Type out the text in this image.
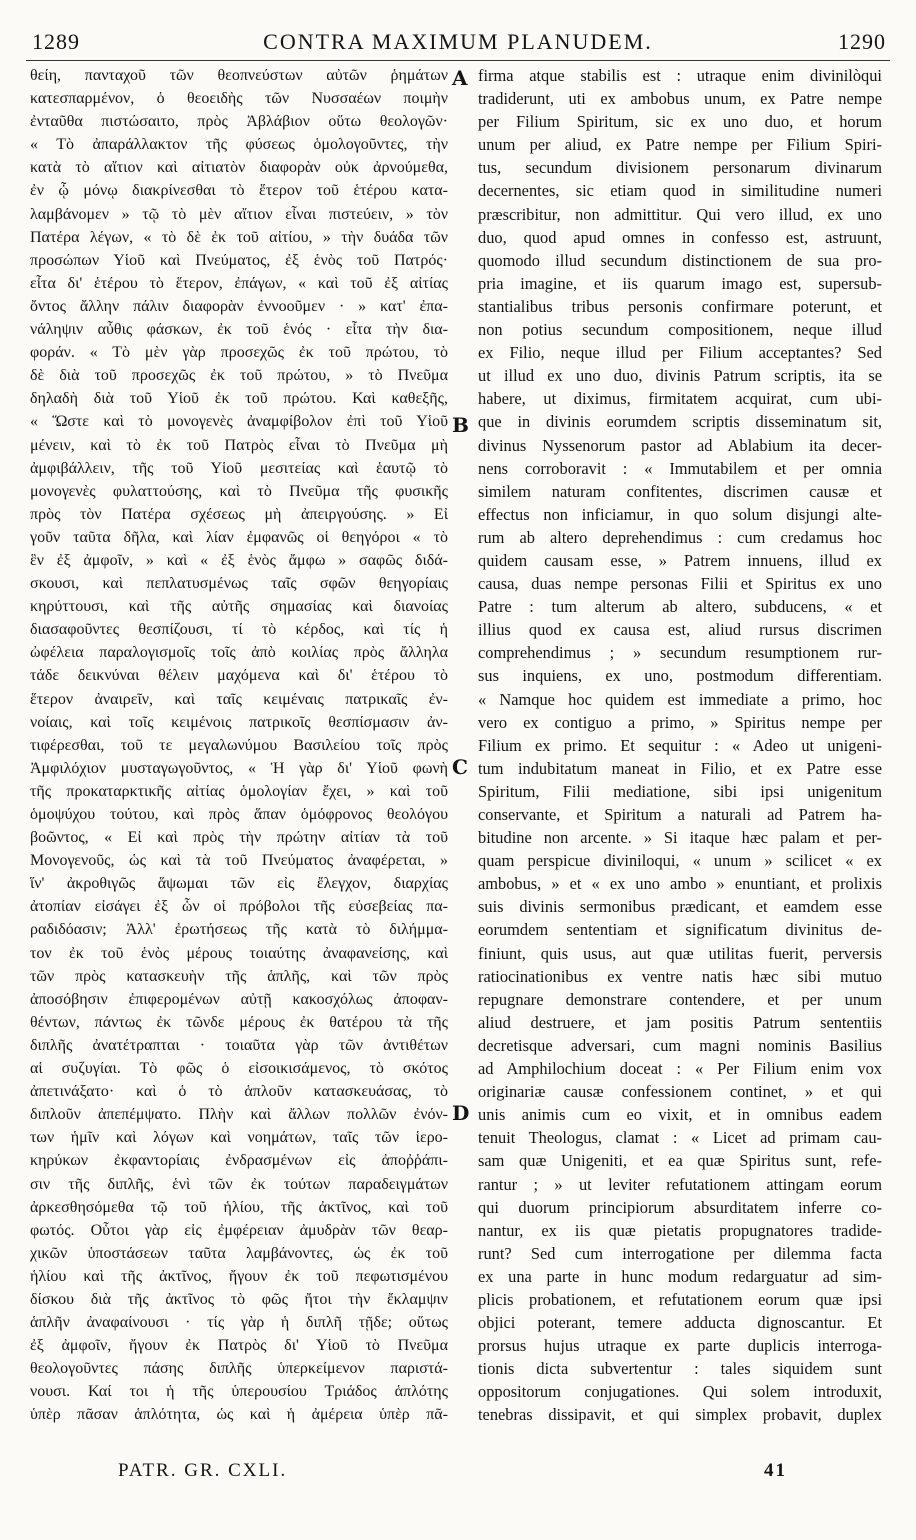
1289	CONTRA MAXIMUM PLANUDEM.	1290
θείη, πανταχοῦ τῶν θεοπνεύστων αὐτῶν ῥημάτων
κατεσπαρμένον, ὁ θεοειδὴς τῶν Νυσσαέων ποιμὴν
ἐνταῦθα πιστώσαιτο, πρὸς Ἀβλάβιον οὕτω θεολογῶν·
« Τὸ ἀπαράλλακτον τῆς φύσεως ὁμολογοῦντες, τὴν
κατὰ τὸ αἴτιον καὶ αἰτιατὸν διαφορὰν οὐκ ἀρνούμεθα,
ἐν ᾧ μόνῳ διακρίνεσθαι τὸ ἕτερον τοῦ ἑτέρου κατα-
λαμβάνομεν » τῷ τὸ μὲν αἴτιον εἶναι πιστεύειν, » τὸν
Πατέρα λέγων, « τὸ δὲ ἐκ τοῦ αἰτίου, » τὴν δυάδα τῶν
προσώπων Υἱοῦ καὶ Πνεύματος, ἐξ ἑνὸς τοῦ Πατρός·
εἶτα δι' ἑτέρου τὸ ἕτερον, ἐπάγων, « καὶ τοῦ ἐξ αἰτίας
ὄντος ἄλλην πάλιν διαφορὰν ἐννοοῦμεν · » κατ' ἐπα-
νάληψιν αὖθις φάσκων, ἐκ τοῦ ἑνός · εἶτα τὴν δια-
φοράν. « Τὸ μὲν γὰρ προσεχῶς ἐκ τοῦ πρώτου, τὸ
δὲ διὰ τοῦ προσεχῶς ἐκ τοῦ πρώτου, » τὸ Πνεῦμα
δηλαδὴ διὰ τοῦ Υἱοῦ ἐκ τοῦ πρώτου. Καὶ καθεξῆς,
« Ὥστε καὶ τὸ μονογενὲς ἀναμφίβολον ἐπὶ τοῦ Υἱοῦ
μένειν, καὶ τὸ ἐκ τοῦ Πατρὸς εἶναι τὸ Πνεῦμα μὴ
ἀμφιβάλλειν, τῆς τοῦ Υἱοῦ μεσιτείας καὶ ἑαυτῷ τὸ
μονογενὲς φυλαττούσης, καὶ τὸ Πνεῦμα τῆς φυσικῆς
πρὸς τὸν Πατέρα σχέσεως μὴ ἀπειργούσης. » Εἰ
γοῦν ταῦτα δῆλα, καὶ λίαν ἐμφανῶς οἱ θεηγόροι « τὸ
ἓν ἐξ ἀμφοῖν, » καὶ « ἐξ ἑνὸς ἄμφω » σαφῶς διδά-
σκουσι, καὶ πεπλατυσμένως ταῖς σφῶν θεηγορίαις
κηρύττουσι, καὶ τῆς αὐτῆς σημασίας καὶ διανοίας
διασαφοῦντες θεσπίζουσι, τί τὸ κέρδος, καὶ τίς ἡ
ὠφέλεια παραλογισμοῖς τοῖς ἀπὸ κοιλίας πρὸς ἄλληλα
τάδε δεικνύναι θέλειν μαχόμενα καὶ δι' ἑτέρου τὸ
ἕτερον ἀναιρεῖν, καὶ ταῖς κειμέναις πατρικαῖς ἐν-
νοίαις, καὶ τοῖς κειμένοις πατρικοῖς θεσπίσμασιν ἀν-
τιφέρεσθαι, τοῦ τε μεγαλωνύμου Βασιλείου τοῖς πρὸς
Ἀμφιλόχιον μυσταγωγοῦντος, « Ἡ γὰρ δι' Υἱοῦ φωνὴ
τῆς προκαταρκτικῆς αἰτίας ὁμολογίαν ἔχει, » καὶ τοῦ
ὁμοψύχου τούτου, καὶ πρὸς ἅπαν ὁμόφρονος θεολόγου
βοῶντος, « Εἰ καὶ πρὸς τὴν πρώτην αἰτίαν τὰ τοῦ
Μονογενοῦς, ὡς καὶ τὰ τοῦ Πνεύματος ἀναφέρεται, »
ἵν' ἀκροθιγῶς ἅψωμαι τῶν εἰς ἔλεγχον, διαρχίας
ἀτοπίαν εἰσάγει ἐξ ὧν οἱ πρόβολοι τῆς εὐσεβείας πα-
ραδιδόασιν; Ἀλλ' ἐρωτήσεως τῆς κατὰ τὸ διλήμμα-
τον ἐκ τοῦ ἑνὸς μέρους τοιαύτης ἀναφανείσης, καὶ
τῶν πρὸς κατασκευὴν τῆς ἁπλῆς, καὶ τῶν πρὸς
ἀποσόβησιν ἐπιφερομένων αὐτῇ κακοσχόλως ἀποφαν-
θέντων, πάντως ἐκ τῶνδε μέρους ἐκ θατέρου τὰ τῆς
διπλῆς ἀνατέτραπται · τοιαῦτα γὰρ τῶν ἀντιθέτων
αἱ συζυγίαι. Τὸ φῶς ὁ εἰσοικισάμενος, τὸ σκότος
ἀπετινάξατο· καὶ ὁ τὸ ἁπλοῦν κατασκευάσας, τὸ
διπλοῦν ἀπεπέμψατο. Πλὴν καὶ ἄλλων πολλῶν ἐνόν-
των ἡμῖν καὶ λόγων καὶ νοημάτων, ταῖς τῶν ἱερο-
κηρύκων ἐκφαντορίαις ἐνδρασμένων εἰς ἀποῤῥάπι-
σιν τῆς διπλῆς, ἑνὶ τῶν ἐκ τούτων παραδειγμάτων
ἀρκεσθησόμεθα τῷ τοῦ ἡλίου, τῆς ἀκτῖνος, καὶ τοῦ
φωτός. Οὗτοι γὰρ εἰς ἐμφέρειαν ἀμυδρὰν τῶν θεαρ-
χικῶν ὑποστάσεων ταῦτα λαμβάνοντες, ὡς ἐκ τοῦ
ἡλίου καὶ τῆς ἀκτῖνος, ἤγουν ἐκ τοῦ πεφωτισμένου
δίσκου διὰ τῆς ἀκτῖνος τὸ φῶς ἤτοι τὴν ἔκλαμψιν
ἁπλῆν ἀναφαίνουσι · τίς γὰρ ἡ διπλῆ τῇδε; οὕτως
ἐξ ἀμφοῖν, ἤγουν ἐκ Πατρὸς δι' Υἱοῦ τὸ Πνεῦμα
θεολογοῦντες πάσης διπλῆς ὑπερκείμενον παριστά-
νουσι. Καί τοι ἡ τῆς ὑπερουσίου Τριάδος ἁπλότης
ὑπὲρ πᾶσαν ἁπλότητα, ὡς καὶ ἡ ἀμέρεια ὑπὲρ πᾶ-
A
B
C
D
firma atque stabilis est : utraque enim divinilòqui
tradiderunt, uti ex ambobus unum, ex Patre nempe
per Filium Spiritum, sic ex uno duo, et horum
unum per aliud, ex Patre nempe per Filium Spiri-
tus, secundum divisionem personarum divinarum
decernentes, sic etiam quod in similitudine numeri
præscribitur, non admittitur. Qui vero illud, ex uno
duo, quod apud omnes in confesso est, astruunt,
quomodo illud secundum distinctionem de sua pro-
pria imagine, et iis quarum imago est, supersub-
stantialibus tribus personis confirmare poterunt, et
non potius secundum compositionem, neque illud
ex Filio, neque illud per Filium acceptantes? Sed
ut illud ex uno duo, divinis Patrum scriptis, ita se
habere, ut diximus, firmitatem acquirat, cum ubi-
que in divinis eorumdem scriptis disseminatum sit,
divinus Nyssenorum pastor ad Ablabium ita decer-
nens corroboravit : « Immutabilem et per omnia
similem naturam confitentes, discrimen causæ et
effectus non inficiamur, in quo solum disjungi alte-
rum ab altero deprehendimus : cum credamus hoc
quidem causam esse, » Patrem innuens, illud ex
causa, duas nempe personas Filii et Spiritus ex uno
Patre : tum alterum ab altero, subducens, « et
illius quod ex causa est, aliud rursus discrimen
comprehendimus ; » secundum resumptionem rur-
sus inquiens, ex uno, postmodum differentiam.
« Namque hoc quidem est immediate a primo, hoc
vero ex contiguo a primo, » Spiritus nempe per
Filium ex primo. Et sequitur : « Adeo ut unigeni-
tum indubitatum maneat in Filio, et ex Patre esse
Spiritum, Filii mediatione, sibi ipsi unigenitum
conservante, et Spiritum a naturali ad Patrem ha-
bitudine non arcente. » Si itaque hæc palam et per-
quam perspicue diviniloqui, « unum » scilicet « ex
ambobus, » et « ex uno ambo » enuntiant, et prolixis
suis divinis sermonibus prædicant, et eamdem esse
eorumdem sententiam et significatum divinitus de-
finiunt, quis usus, aut quæ utilitas fuerit, perversis
ratiocinationibus ex ventre natis hæc sibi mutuo
repugnare demonstrare contendere, et per unum
aliud destruere, et jam positis Patrum sententiis
decretisque adversari, cum magni nominis Basilius
ad Amphilochium doceat : « Per Filium enim vox
originariæ causæ confessionem continet, » et qui
unis animis cum eo vixit, et in omnibus eadem
tenuit Theologus, clamat : « Licet ad primam cau-
sam quæ Unigeniti, et ea quæ Spiritus sunt, refe-
rantur ; » ut leviter refutationem attingam eorum
qui duorum principiorum absurditatem inferre co-
nantur, ex iis quæ pietatis propugnatores tradide-
runt? Sed cum interrogationе per dilemma facta
ex una parte in hunc modum redarguatur ad sim-
plicis probationem, et refutationem eorum quæ ipsi
objici poterant, temere adducta dignoscantur. Et
prorsus hujus utraque ex parte duplicis interroga-
tionis dicta subvertentur : tales siquidem sunt
oppositorum conjugationes. Qui solem introduxit,
tenebras dissipavit, et qui simplex probavit, duplex
PATR. GR. CXLI.	41
